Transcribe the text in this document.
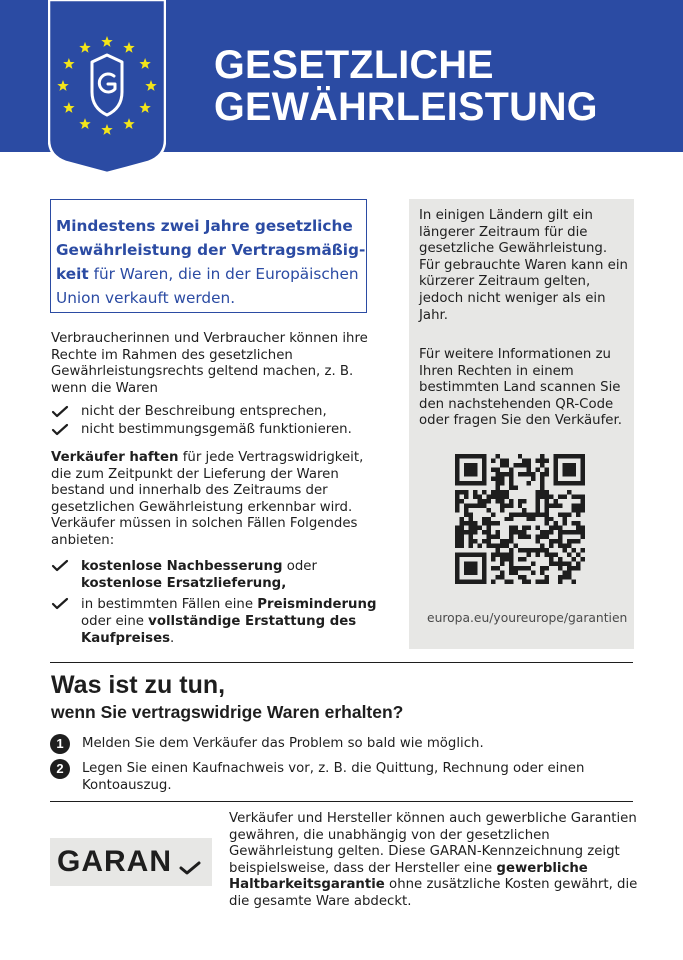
GESETZLICHE
GEWÄHRLEISTUNG
Mindestens zwei Jahre gesetzliche Gewährleistung der Vertragsmäßigkeit für Waren, die in der Europäischen Union verkauft werden.
Verbraucherinnen und Verbraucher können ihre Rechte im Rahmen des gesetzlichen Gewährleistungsrechts geltend machen, z. B. wenn die Waren
nicht der Beschreibung entsprechen,
nicht bestimmungsgemäß funktionieren.
Verkäufer haften für jede Vertragswidrigkeit, die zum Zeitpunkt der Lieferung der Waren bestand und innerhalb des Zeitraums der gesetzlichen Gewährleistung erkennbar wird. Verkäufer müssen in solchen Fällen Folgendes anbieten:
kostenlose Nachbesserung oder
kostenlose Ersatzlieferung,
in bestimmten Fällen eine Preisminderung
oder eine vollständige Erstattung des Kaufpreises.
In einigen Ländern gilt ein längerer Zeitraum für die gesetzliche Gewährleistung. Für gebrauchte Waren kann ein kürzerer Zeitraum gelten, jedoch nicht weniger als ein Jahr.
Für weitere Informationen zu Ihren Rechten in einem bestimmten Land scannen Sie den nachstehenden QR-Code oder fragen Sie den Verkäufer.
europa.eu/youreurope/garantien
Was ist zu tun,
wenn Sie vertragswidrige Waren erhalten?
1	Melden Sie dem Verkäufer das Problem so bald wie möglich.
2	Legen Sie einen Kaufnachweis vor, z. B. die Quittung, Rechnung oder einen Kontoauszug.
GARAN
Verkäufer und Hersteller können auch gewerbliche Garantien gewähren, die unabhängig von der gesetzlichen Gewährleistung gelten. Diese GARAN-Kennzeichnung zeigt beispielsweise, dass der Hersteller eine gewerbliche Haltbarkeitsgarantie ohne zusätzliche Kosten gewährt, die die gesamte Ware abdeckt.
